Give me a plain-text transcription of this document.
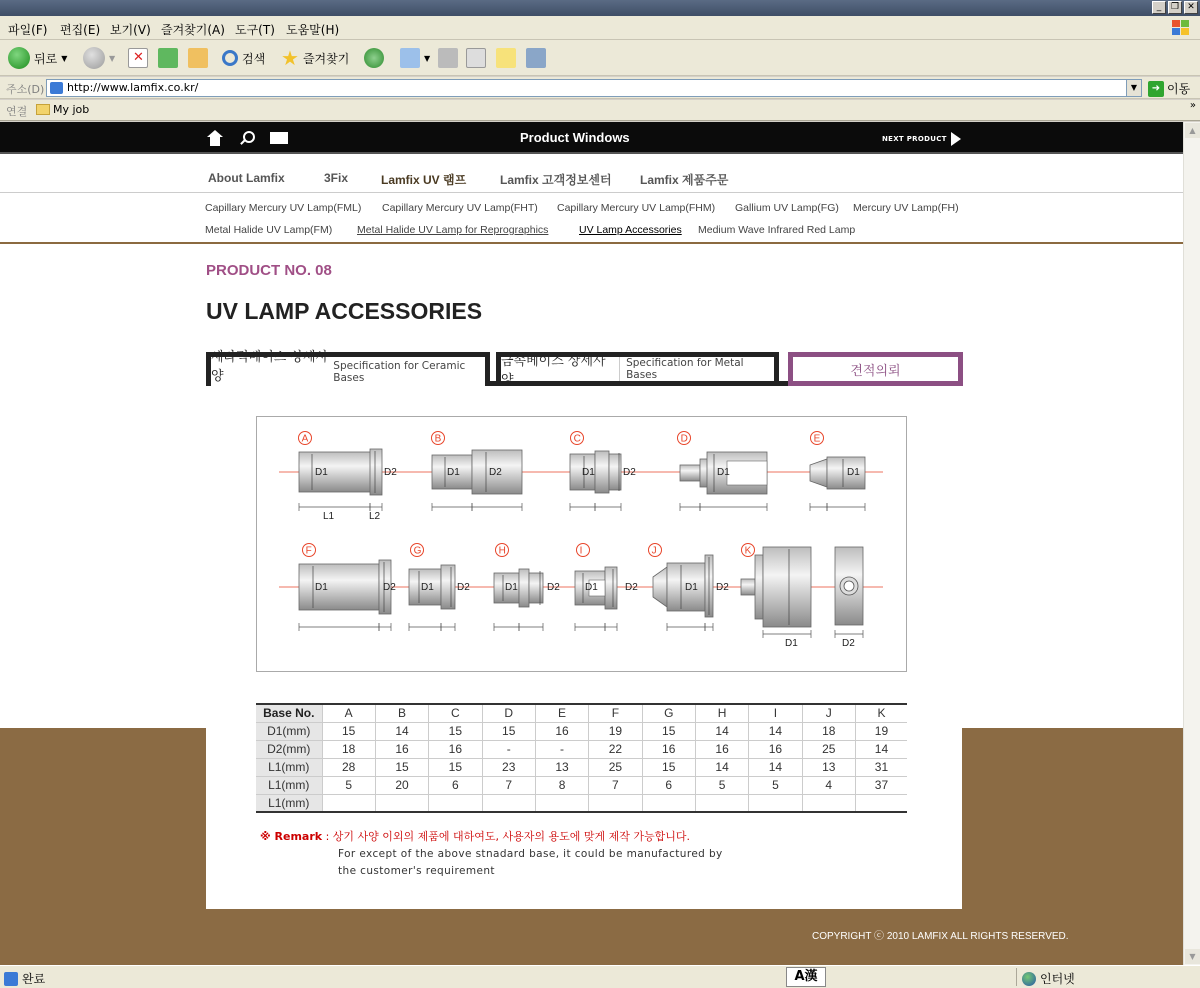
_	❐ ✕
파일(F) 편집(E) 보기(V) 즐겨찾기(A) 도구(T) 도움말(H)
뒤로 ▼	▼ ✕	검색 ★ 즐겨찾기	▼
주소(D)	http://www.lamfix.co.kr/	▼	➜ 이동
연결 My job	»
Product Windows	NEXT PRODUCT
About Lamfix	3Fix	Lamfix UV 램프	Lamfix 고객정보센터 Lamfix 제품주문
Capillary Mercury UV Lamp(FML) Capillary Mercury UV Lamp(FHT) Capillary Mercury UV Lamp(FHM) Gallium UV Lamp(FG) Mercury UV Lamp(FH)
Metal Halide UV Lamp(FM) Metal Halide UV Lamp for Reprographics	UV Lamp Accessories Medium Wave Infrared Red Lamp
PRODUCT NO. 08
UV LAMP ACCESSORIES
세라믹베이스 상세사양
Specification for Ceramic Bases
금속베이스 상세사양
Specification for Metal Bases	견적의뢰
A
D1	D2
L1	L2
B
D1	D2
C
D1	D2
D
D1
E
D1
F
D1	D2
G
D1 D2
H
D1	D2
I
D1	D2
J
D1 D2
K
D1	D2
Base No.	A	B	C	D	E	F	G	H	I	J	K
D1(mm)	15	14	15	15	16	19	15	14	14	18	19
D2(mm)	18	16	16	-	-	22	16	16	16	25	14
L1(mm)	28	15	15	23	13	25	15	14	14	13	31
L1(mm)	5	20	6	7	8	7	6	5	5	4	37
L1(mm)											
※ Remark : 상기 사양 이외의 제품에 대하여도, 사용자의 용도에 맞게 제작 가능합니다.
For except of the above stnadard base, it could be manufactured by
the customer's requirement
COPYRIGHT ⓒ 2010 LAMFIX ALL RIGHTS RESERVED.
▲
▼
완료	A漢	인터넷
